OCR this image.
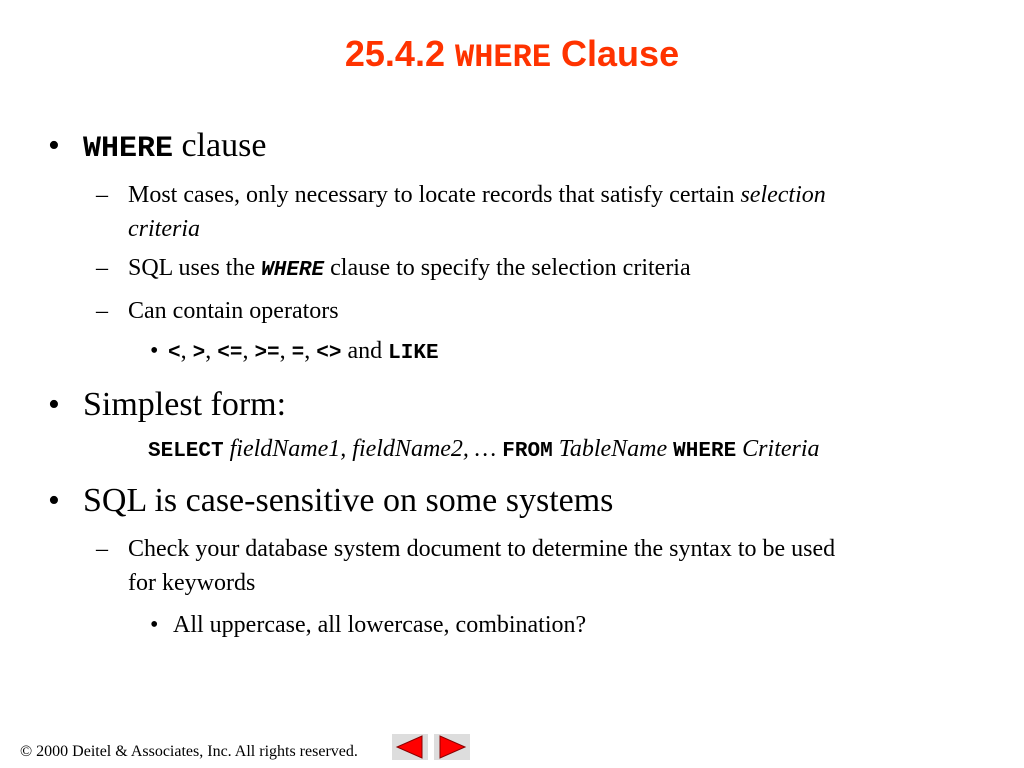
25.4.2 WHERE Clause
• WHERE clause
– Most cases, only necessary to locate records that satisfy certain selection
criteria
– SQL uses the WHERE clause to specify the selection criteria
– Can contain operators
• <, >, <=, >=, =, <> and LIKE
• Simplest form:
SELECT fieldName1, fieldName2, … FROM TableName WHERE Criteria
• SQL is case-sensitive on some systems
– Check your database system document to determine the syntax to be used
for keywords
• All uppercase, all lowercase, combination?
© 2000 Deitel & Associates, Inc. All rights reserved.
